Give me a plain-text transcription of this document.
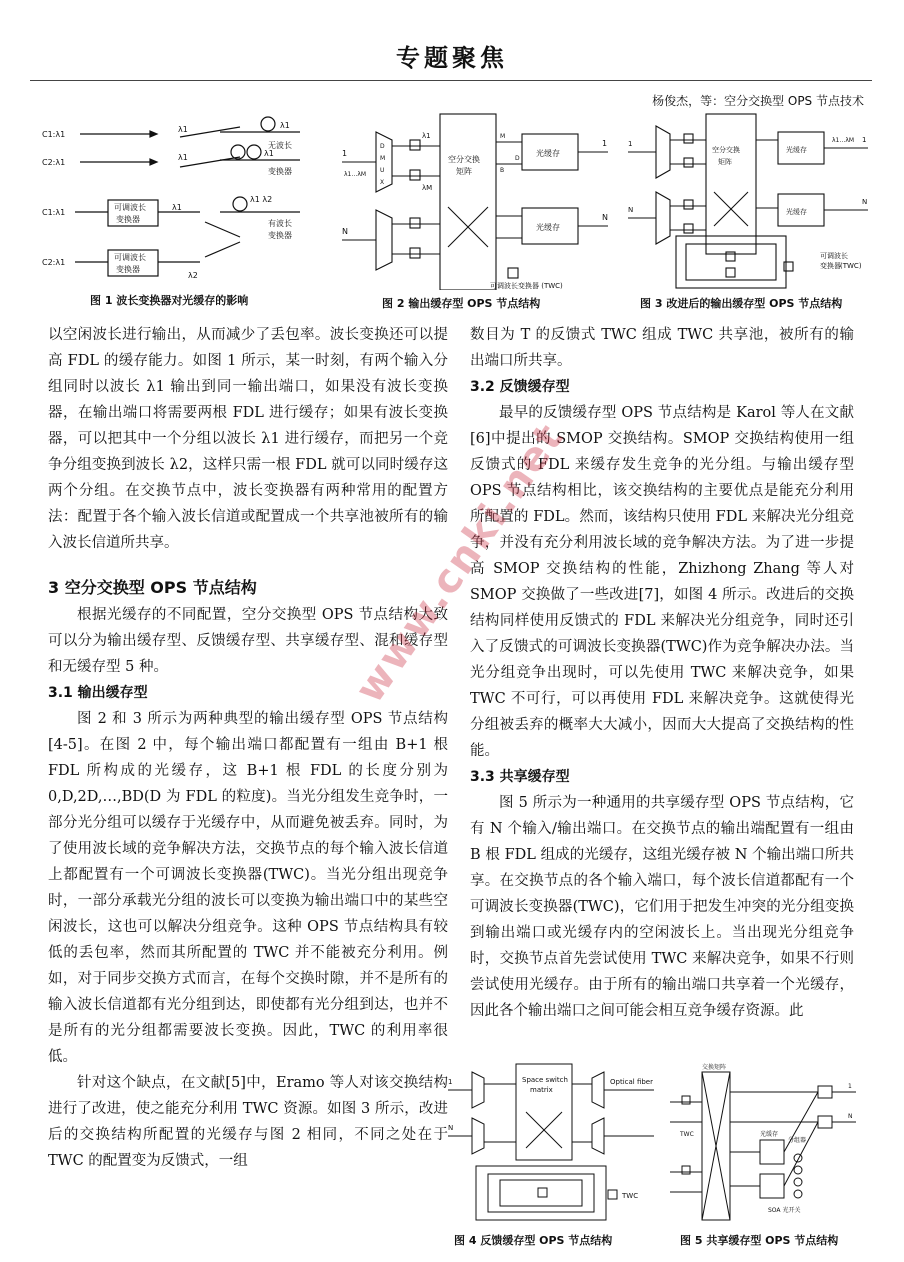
专题聚焦
杨俊杰，等：空分交换型 OPS 节点技术
C1:λ1
C2:λ1
C1:λ1
C2:λ1
可调波长
变换器
可调波长
变换器
λ1
λ1
λ1
λ1
λ2
λ1
λ1 λ2
无波长
变换器
有波长
变换器
图 1 波长变换器对光缓存的影响
空分交换
矩阵
光缓存
光缓存
可调波长变换器 (TWC)
D
M
U
X
1
N
1
N
λ1
λM
λ1…λM
M
B
D
图 2 输出缓存型 OPS 节点结构
空分交换
矩阵
光缓存
光缓存
可调波长
变换器 (TWC)
1
N
1
N
λ1…λM
图 3 改进后的输出缓存型 OPS 节点结构

以空闲波长进行输出，从而减少了丢包率。波长变换还可以提高 FDL 的缓存能力。如图 1 所示，某一时刻，有两个输入分组同时以波长 λ1 输出到同一输出端口，如果没有波长变换器，在输出端口将需要两根 FDL 进行缓存；如果有波长变换器，可以把其中一个分组以波长 λ1 进行缓存，而把另一个竞争分组变换到波长 λ2，这样只需一根 FDL 就可以同时缓存这两个分组。在交换节点中，波长变换器有两种常用的配置方法：配置于各个输入波长信道或配置成一个共享池被所有的输入波长信道所共享。

3 空分交换型 OPS 节点结构

根据光缓存的不同配置，空分交换型 OPS 节点结构大致可以分为输出缓存型、反馈缓存型、共享缓存型、混和缓存型和无缓存型 5 种。

3.1 输出缓存型

图 2 和 3 所示为两种典型的输出缓存型 OPS 节点结构[4-5]。在图 2 中，每个输出端口都配置有一组由 B+1 根 FDL 所构成的光缓存，这 B+1 根 FDL 的长度分别为 0,D,2D,…,BD(D 为 FDL 的粒度)。当光分组发生竞争时，一部分光分组可以缓存于光缓存中，从而避免被丢弃。同时，为了使用波长域的竞争解决方法，交换节点的每个输入波长信道上都配置有一个可调波长变换器(TWC)。当光分组出现竞争时，一部分承载光分组的波长可以变换为输出端口中的某些空闲波长，这也可以解决分组竞争。这种 OPS 节点结构具有较低的丢包率，然而其所配置的 TWC 并不能被充分利用。例如，对于同步交换方式而言，在每个交换时隙，并不是所有的输入波长信道都有光分组到达，即使都有光分组到达，也并不是所有的光分组都需要波长变换。因此，TWC 的利用率很低。

针对这个缺点，在文献[5]中，Eramo 等人对该交换结构进行了改进，使之能充分利用 TWC 资源。如图 3 所示，改进后的交换结构所配置的光缓存与图 2 相同，不同之处在于 TWC 的配置变为反馈式，一组

数目为 T 的反馈式 TWC 组成 TWC 共享池，被所有的输出端口所共享。

3.2 反馈缓存型

最早的反馈缓存型 OPS 节点结构是 Karol 等人在文献[6]中提出的 SMOP 交换结构。SMOP 交换结构使用一组反馈式的 FDL 来缓存发生竞争的光分组。与输出缓存型 OPS 节点结构相比，该交换结构的主要优点是能充分利用所配置的 FDL。然而，该结构只使用 FDL 来解决光分组竞争，并没有充分利用波长域的竞争解决方法。为了进一步提高 SMOP 交换结构的性能，Zhizhong Zhang 等人对 SMOP 交换做了一些改进[7]，如图 4 所示。改进后的交换结构同样使用反馈式的 FDL 来解决光分组竞争，同时还引入了反馈式的可调波长变换器(TWC)作为竞争解决办法。当光分组竞争出现时，可以先使用 TWC 来解决竞争，如果 TWC 不可行，可以再使用 FDL 来解决竞争。这就使得光分组被丢弃的概率大大减小，因而大大提高了交换结构的性能。

3.3 共享缓存型

图 5 所示为一种通用的共享缓存型 OPS 节点结构，它有 N 个输入/输出端口。在交换节点的输出端配置有一组由 B 根 FDL 组成的光缓存，这组光缓存被 N 个输出端口所共享。在交换节点的各个输入端口，每个波长信道都配有一个可调波长变换器(TWC)，它们用于把发生冲突的光分组变换到输出端口或光缓存内的空闲波长上。当出现光分组竞争时，交换节点首先尝试使用 TWC 来解决竞争，如果不行则尝试使用光缓存。由于所有的输出端口共享着一个光缓存，因此各个输出端口之间可能会相互竞争缓存资源。此

Space switch
matrix
Optical fiber
TWC
1
N
图 4 反馈缓存型 OPS 节点结构
交换矩阵
TWC
分组器
光缓存
SOA 光开关
1
N
图 5 共享缓存型 OPS 节点结构
www.cnki.net
